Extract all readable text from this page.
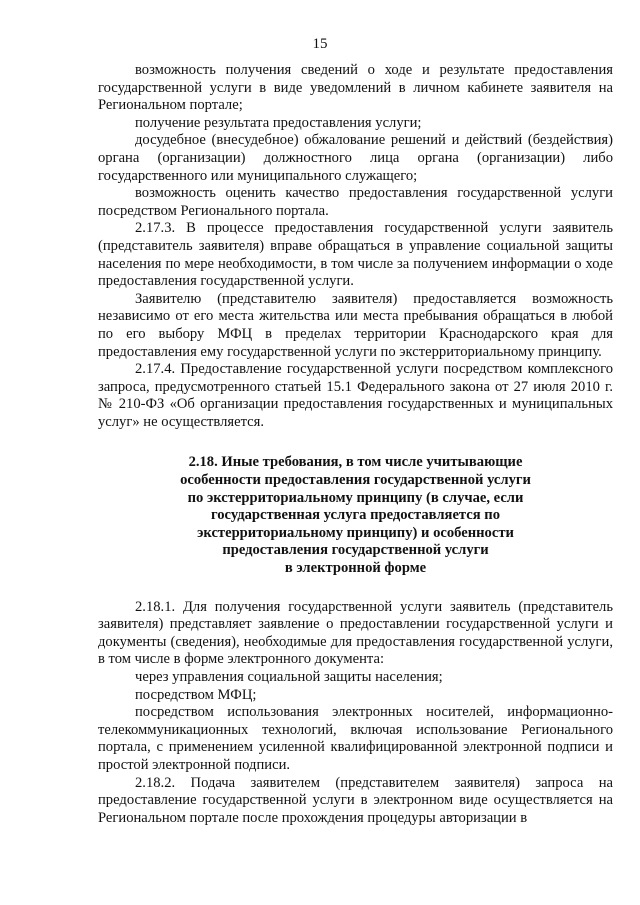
15

возможность получения сведений о ходе и результате предоставления государственной услуги в виде уведомлений в личном кабинете заявителя на Региональном портале;

получение результата предоставления услуги;

досудебное (внесудебное) обжалование решений и действий (бездействия) органа (организации) должностного лица органа (организации) либо государственного или муниципального служащего;

возможность оценить качество предоставления государственной услуги посредством Регионального портала.

2.17.3. В процессе предоставления государственной услуги заявитель (представитель заявителя) вправе обращаться в управление социальной защиты населения по мере необходимости, в том числе за получением информации о ходе предоставления государственной услуги.

Заявителю (представителю заявителя) предоставляется возможность независимо от его места жительства или места пребывания обращаться в любой по его выбору МФЦ в пределах территории Краснодарского края для предоставления ему государственной услуги по экстерриториальному принципу.

2.17.4. Предоставление государственной услуги посредством комплексного запроса, предусмотренного статьей 15.1 Федерального закона от 27 июля 2010 г. № 210-ФЗ «Об организации предоставления государственных и муниципальных услуг» не осуществляется.

2.18. Иные требования, в том числе учитывающие
особенности предоставления государственной услуги
по экстерриториальному принципу (в случае, если
государственная услуга предоставляется по
экстерриториальному принципу) и особенности
предоставления государственной услуги
в электронной форме

2.18.1. Для получения государственной услуги заявитель (представитель заявителя) представляет заявление о предоставлении государственной услуги и документы (сведения), необходимые для предоставления государственной услуги, в том числе в форме электронного документа:

через управления социальной защиты населения;

посредством МФЦ;

посредством использования электронных носителей, информационно-телекоммуникационных технологий, включая использование Регионального портала, с применением усиленной квалифицированной электронной подписи и простой электронной подписи.

2.18.2. Подача заявителем (представителем заявителя) запроса на предоставление государственной услуги в электронном виде осуществляется на Региональном портале после прохождения процедуры авторизации в
